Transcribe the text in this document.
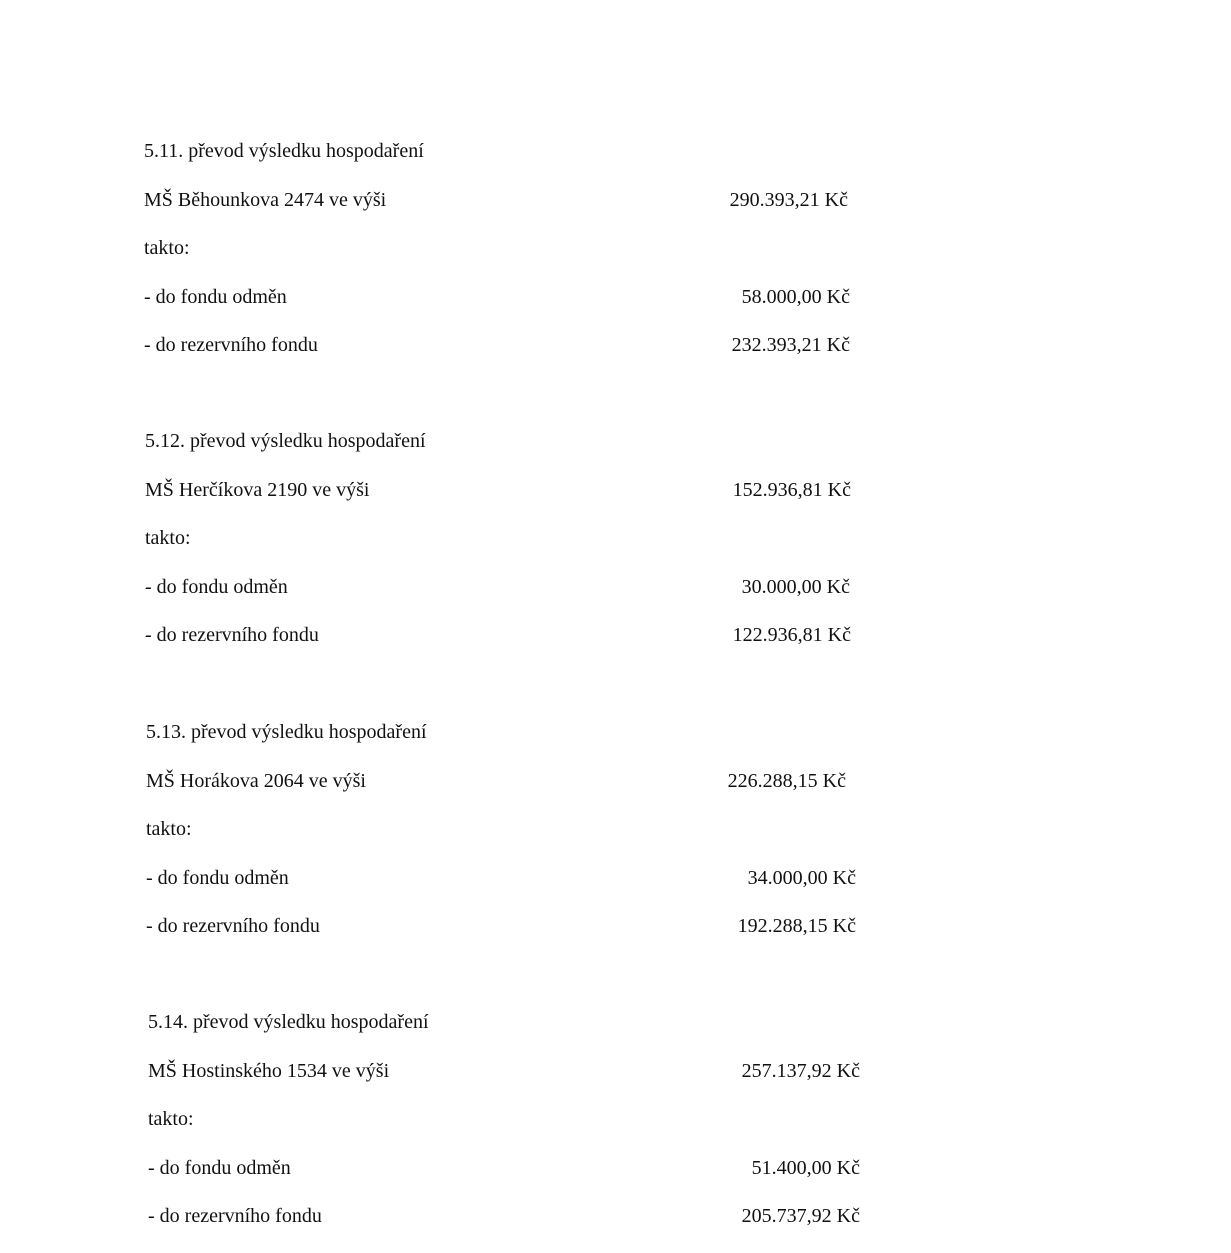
5.11. převod výsledku hospodaření
MŠ Běhounkova 2474 ve výši	290.393,21 Kč
takto:
- do fondu odměn	58.000,00 Kč
- do rezervního fondu	232.393,21 Kč
5.12. převod výsledku hospodaření
MŠ Herčíkova 2190 ve výši	152.936,81 Kč
takto:
- do fondu odměn	30.000,00 Kč
- do rezervního fondu	122.936,81 Kč
5.13. převod výsledku hospodaření
MŠ Horákova 2064 ve výši	226.288,15 Kč
takto:
- do fondu odměn	34.000,00 Kč
- do rezervního fondu	192.288,15 Kč
5.14. převod výsledku hospodaření
MŠ Hostinského 1534 ve výši	257.137,92 Kč
takto:
- do fondu odměn	51.400,00 Kč
- do rezervního fondu	205.737,92 Kč
